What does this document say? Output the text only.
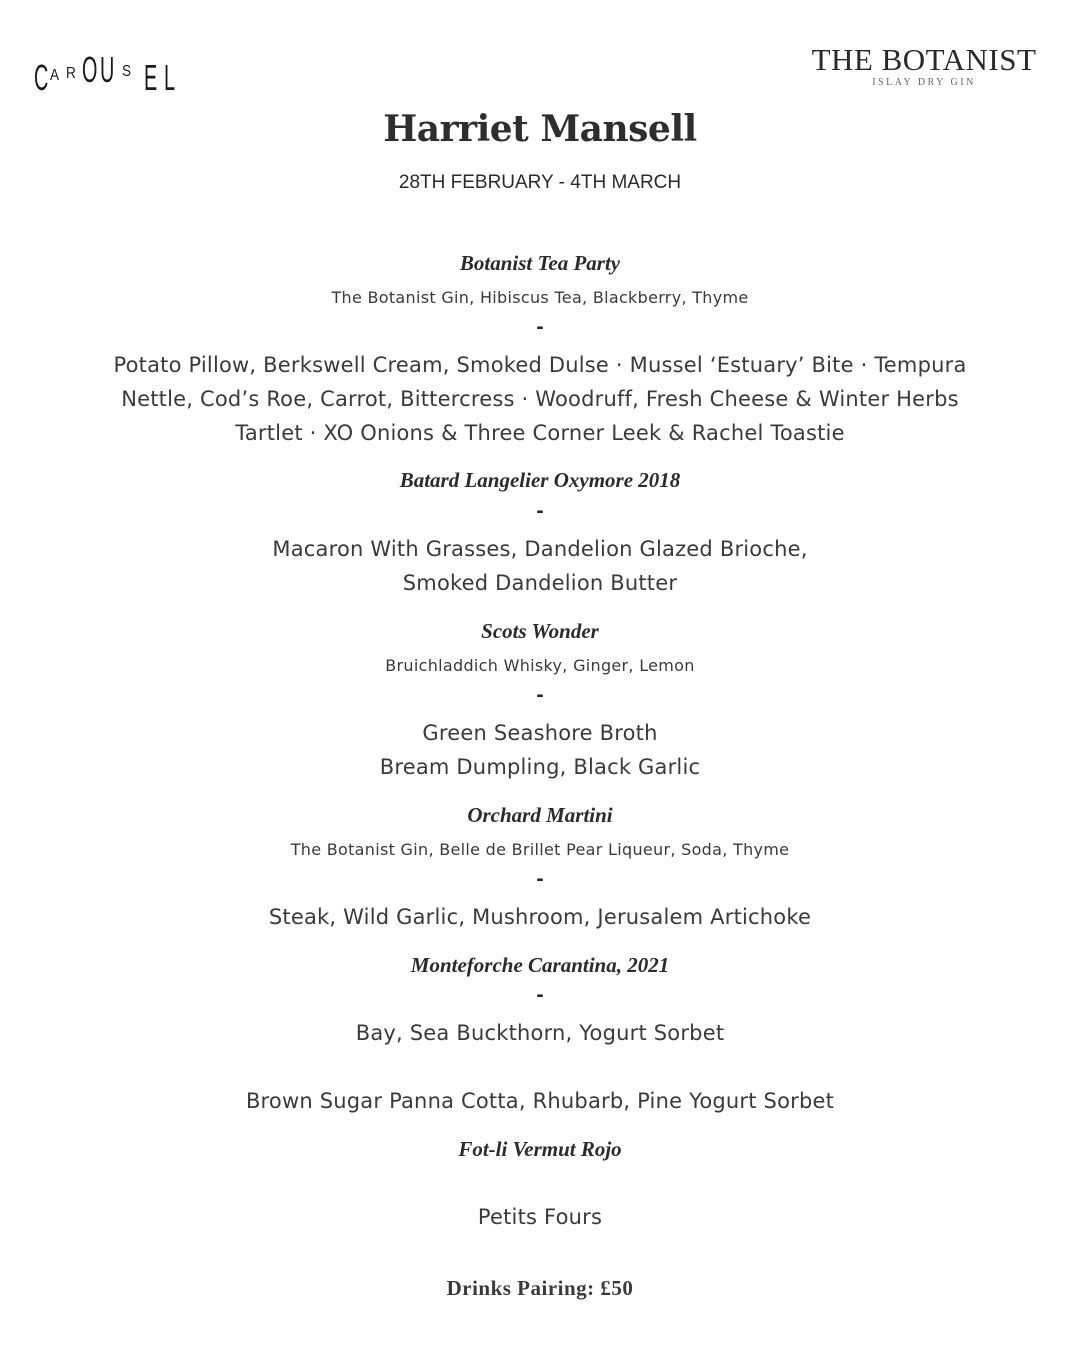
C A R O U S E L	THE BOTANIST
ISLAY DRY GIN
Harriet Mansell
28TH FEBRUARY - 4TH MARCH
Botanist Tea Party
The Botanist Gin, Hibiscus Tea, Blackberry, Thyme
-
Potato Pillow, Berkswell Cream, Smoked Dulse · Mussel ‘Estuary’ Bite · Tempura
Nettle, Cod’s Roe, Carrot, Bittercress · Woodruff, Fresh Cheese & Winter Herbs
Tartlet · XO Onions & Three Corner Leek & Rachel Toastie
Batard Langelier Oxymore 2018
-
Macaron With Grasses, Dandelion Glazed Brioche,
Smoked Dandelion Butter
Scots Wonder
Bruichladdich Whisky, Ginger, Lemon
-
Green Seashore Broth
Bream Dumpling, Black Garlic
Orchard Martini
The Botanist Gin, Belle de Brillet Pear Liqueur, Soda, Thyme
-
Steak, Wild Garlic, Mushroom, Jerusalem Artichoke
Monteforche Carantina, 2021
-
Bay, Sea Buckthorn, Yogurt Sorbet
Brown Sugar Panna Cotta, Rhubarb, Pine Yogurt Sorbet
Fot-li Vermut Rojo
Petits Fours
Drinks Pairing: £50
